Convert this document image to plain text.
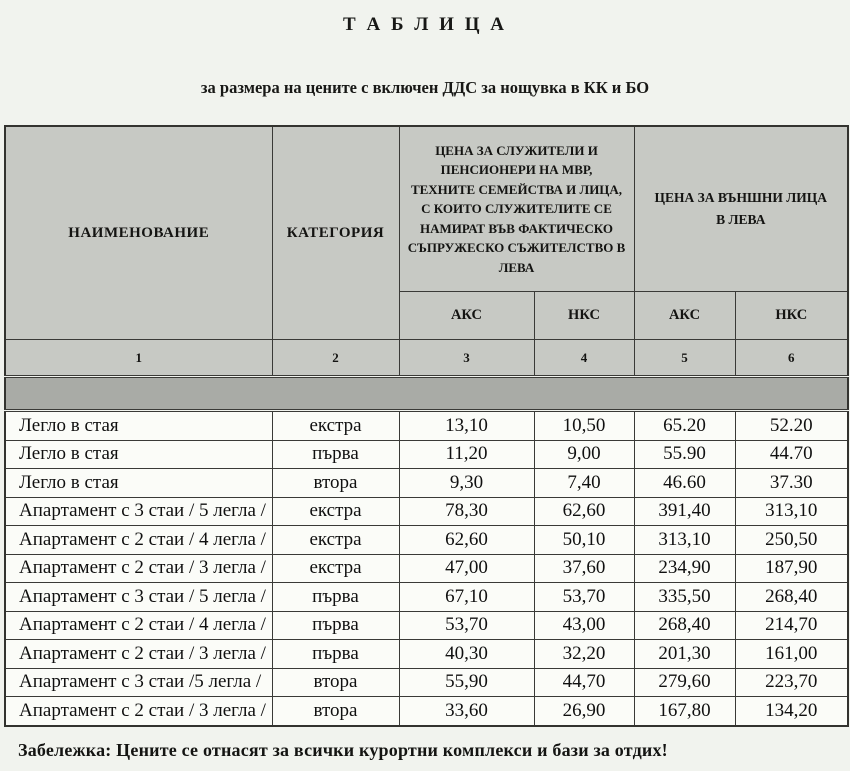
Т А Б Л И Ц А
за размера на цените с включен ДДС за нощувка в КК и БО
НАИМЕНОВАНИЕ	КАТЕГОРИЯ	ЦЕНА ЗА СЛУЖИТЕЛИ И ПЕНСИОНЕРИ НА МВР, ТЕХНИТЕ СЕМЕЙСТВА И ЛИЦА, С КОИТО СЛУЖИТЕЛИТЕ СЕ НАМИРАТ ВЪВ ФАКТИЧЕСКО СЪПРУЖЕСКО СЪЖИТЕЛСТВО В ЛЕВА		ЦЕНА ЗА ВЪНШНИ ЛИЦА В ЛЕВА	
		АКС	НКС	АКС	НКС
1	2	3	4	5	6

Легло в стая	екстра	13,10	10,50	65.20	52.20
Легло в стая	първа	11,20	9,00	55.90	44.70
Легло в стая	втора	9,30	7,40	46.60	37.30
Апартамент с 3 стаи / 5 легла /	екстра	78,30	62,60	391,40	313,10
Апартамент с 2 стаи / 4 легла /	екстра	62,60	50,10	313,10	250,50
Апартамент с 2 стаи / 3 легла /	екстра	47,00	37,60	234,90	187,90
Апартамент с 3 стаи / 5 легла /	първа	67,10	53,70	335,50	268,40
Апартамент с 2 стаи / 4 легла /	първа	53,70	43,00	268,40	214,70
Апартамент с 2 стаи / 3 легла /	първа	40,30	32,20	201,30	161,00
Апартамент с 3 стаи /5 легла /	втора	55,90	44,70	279,60	223,70
Апартамент с 2 стаи / 3 легла /	втора	33,60	26,90	167,80	134,20
Забележка: Цените се отнасят за всички курортни комплекси и бази за отдих!
